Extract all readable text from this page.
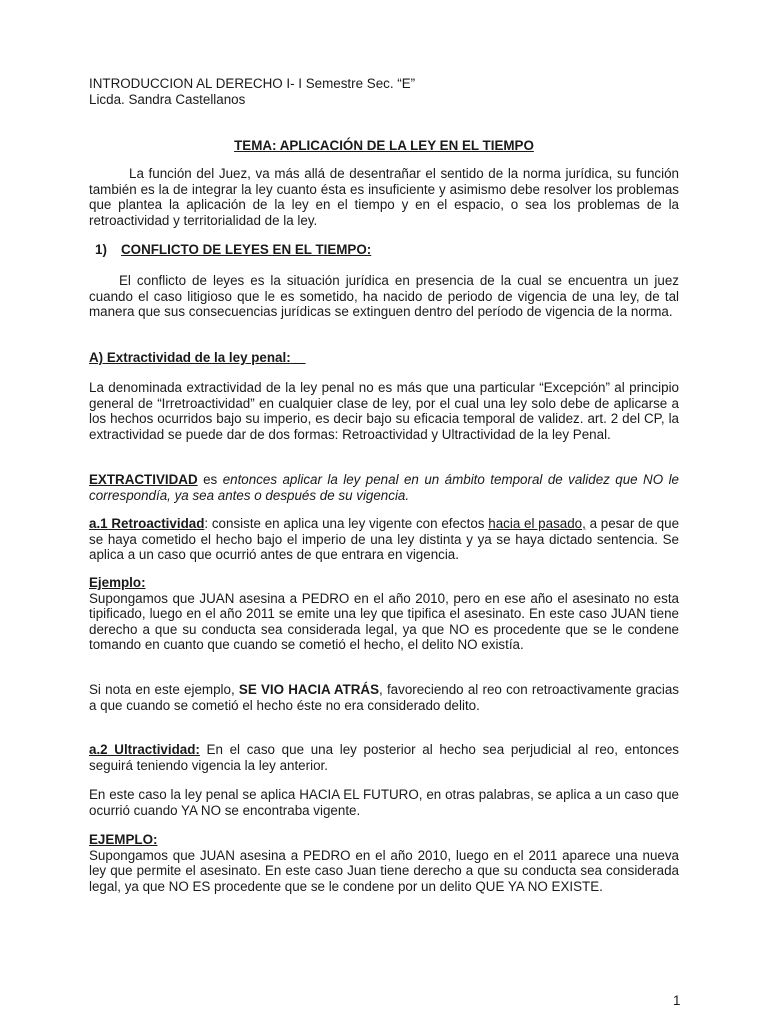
INTRODUCCION AL DERECHO I- I Semestre Sec. “E”
Licda. Sandra Castellanos
TEMA: APLICACIÓN DE LA LEY EN EL TIEMPO

La función del Juez, va más allá de desentrañar el sentido de la norma jurídica, su función también es la de integrar la ley cuanto ésta es insuficiente y asimismo debe resolver los problemas que plantea la aplicación de la ley en el tiempo y en el espacio, o sea los problemas de la retroactividad y territorialidad de la ley.

1) CONFLICTO DE LEYES EN EL TIEMPO:

El conflicto de leyes es la situación jurídica en presencia de la cual se encuentra un juez cuando el caso litigioso que le es sometido, ha nacido de periodo de vigencia de una ley, de tal manera que sus consecuencias jurídicas se extinguen dentro del período de vigencia de la norma.

A) Extractividad de la ley penal:

La denominada extractividad de la ley penal no es más que una particular “Excepción” al principio general de “Irretroactividad” en cualquier clase de ley, por el cual una ley solo debe de aplicarse a los hechos ocurridos bajo su imperio, es decir bajo su eficacia temporal de validez. art. 2 del CP, la extractividad se puede dar de dos formas: Retroactividad y Ultractividad de la ley Penal.

EXTRACTIVIDAD es entonces aplicar la ley penal en un ámbito temporal de validez que NO le correspondía, ya sea antes o después de su vigencia.

a.1 Retroactividad: consiste en aplica una ley vigente con efectos hacia el pasado, a pesar de que se haya cometido el hecho bajo el imperio de una ley distinta y ya se haya dictado sentencia. Se aplica a un caso que ocurrió antes de que entrara en vigencia.

Ejemplo:

Supongamos que JUAN asesina a PEDRO en el año 2010, pero en ese año el asesinato no esta tipificado, luego en el año 2011 se emite una ley que tipifica el asesinato. En este caso JUAN tiene derecho a que su conducta sea considerada legal, ya que NO es procedente que se le condene tomando en cuanto que cuando se cometió el hecho, el delito NO existía.

Si nota en este ejemplo, SE VIO HACIA ATRÁS, favoreciendo al reo con retroactivamente gracias a que cuando se cometió el hecho éste no era considerado delito.

a.2 Ultractividad: En el caso que una ley posterior al hecho sea perjudicial al reo, entonces seguirá teniendo vigencia la ley anterior.

En este caso la ley penal se aplica HACIA EL FUTURO, en otras palabras, se aplica a un caso que ocurrió cuando YA NO se encontraba vigente.

EJEMPLO:

Supongamos que JUAN asesina a PEDRO en el año 2010, luego en el 2011 aparece una nueva ley que permite el asesinato. En este caso Juan tiene derecho a que su conducta sea considerada legal, ya que NO ES procedente que se le condene por un delito QUE YA NO EXISTE.

1
